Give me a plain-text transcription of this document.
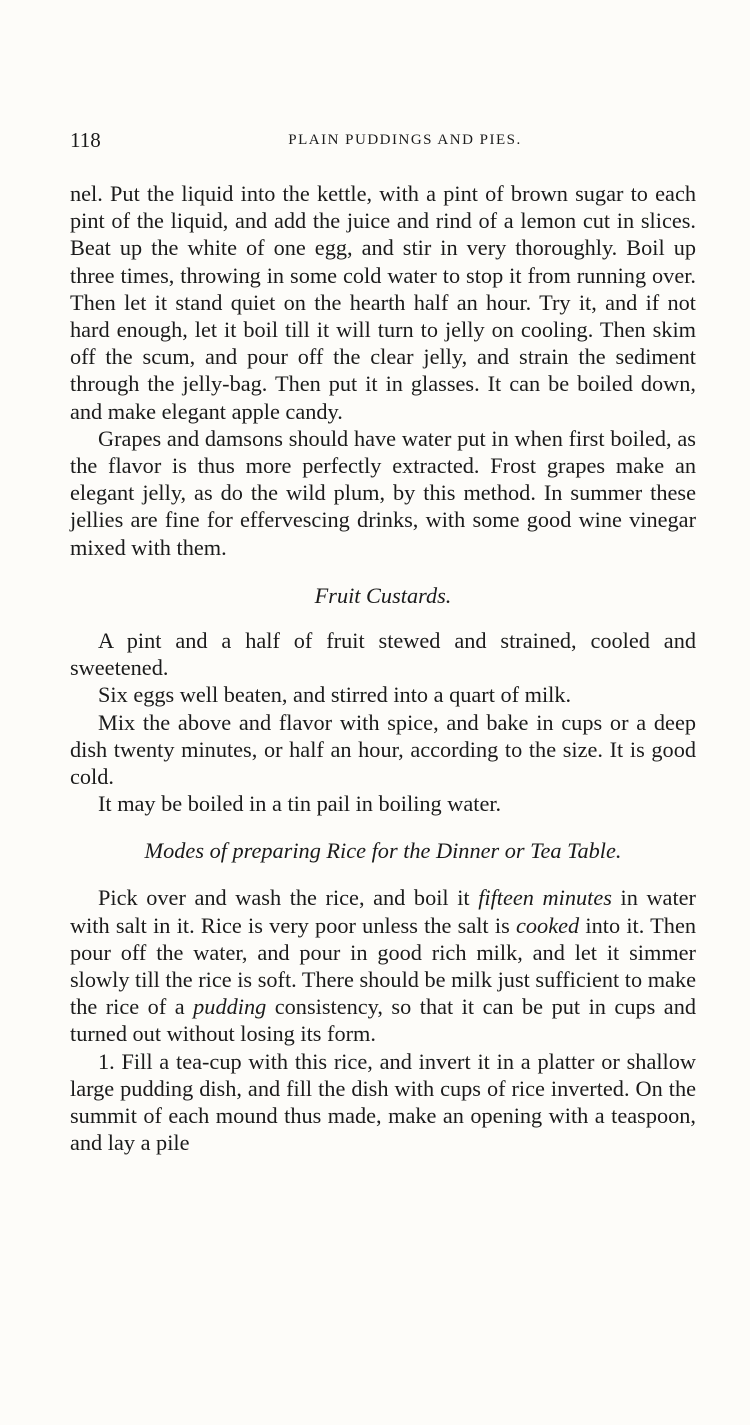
118	PLAIN PUDDINGS AND PIES.

nel. Put the liquid into the kettle, with a pint of brown sugar to each pint of the liquid, and add the juice and rind of a lemon cut in slices. Beat up the white of one egg, and stir in very thoroughly. Boil up three times, throwing in some cold water to stop it from running over. Then let it stand quiet on the hearth half an hour. Try it, and if not hard enough, let it boil till it will turn to jelly on cooling. Then skim off the scum, and pour off the clear jelly, and strain the sediment through the jelly-bag. Then put it in glasses. It can be boiled down, and make elegant apple candy.

Grapes and damsons should have water put in when first boiled, as the flavor is thus more perfectly extracted. Frost grapes make an elegant jelly, as do the wild plum, by this method. In summer these jellies are fine for effervescing drinks, with some good wine vinegar mixed with them.

Fruit Custards.

A pint and a half of fruit stewed and strained, cooled and sweetened.

Six eggs well beaten, and stirred into a quart of milk.

Mix the above and flavor with spice, and bake in cups or a deep dish twenty minutes, or half an hour, according to the size. It is good cold.

It may be boiled in a tin pail in boiling water.

Modes of preparing Rice for the Dinner or Tea Table.

Pick over and wash the rice, and boil it fifteen minutes in water with salt in it. Rice is very poor unless the salt is cooked into it. Then pour off the water, and pour in good rich milk, and let it simmer slowly till the rice is soft. There should be milk just sufficient to make the rice of a pudding consistency, so that it can be put in cups and turned out without losing its form.

1. Fill a tea-cup with this rice, and invert it in a platter or shallow large pudding dish, and fill the dish with cups of rice inverted. On the summit of each mound thus made, make an opening with a teaspoon, and lay a pile
